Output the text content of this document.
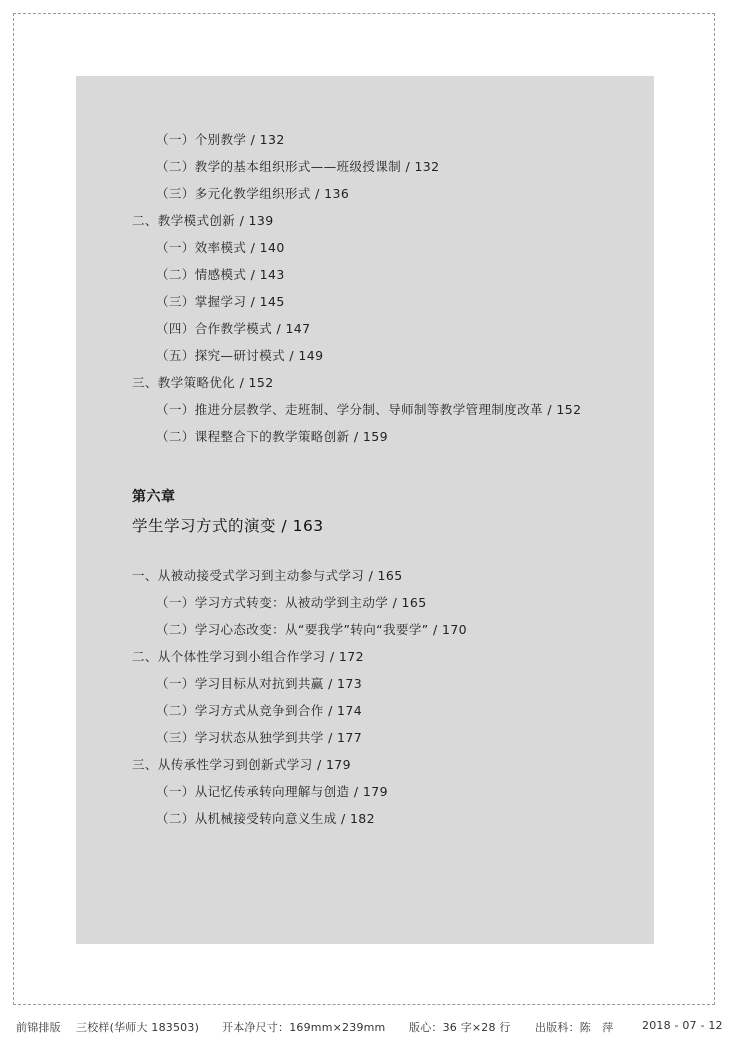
（一）个别教学 / 132
（二）教学的基本组织形式——班级授课制 / 132
（三）多元化教学组织形式 / 136
二、教学模式创新 / 139
（一）效率模式 / 140
（二）情感模式 / 143
（三）掌握学习 / 145
（四）合作教学模式 / 147
（五）探究—研讨模式 / 149
三、教学策略优化 / 152
（一）推进分层教学、走班制、学分制、导师制等教学管理制度改革 / 152
（二）课程整合下的教学策略创新 / 159
第六章
学生学习方式的演变 / 163
一、从被动接受式学习到主动参与式学习 / 165
（一）学习方式转变：从被动学到主动学 / 165
（二）学习心态改变：从“要我学”转向“我要学” / 170
二、从个体性学习到小组合作学习 / 172
（一）学习目标从对抗到共赢 / 173
（二）学习方式从竞争到合作 / 174
（三）学习状态从独学到共学 / 177
三、从传承性学习到创新式学习 / 179
（一）从记忆传承转向理解与创造 / 179
（二）从机械接受转向意义生成 / 182
前锦排版 三校样(华师大 183503) 开本净尺寸：169mm×239mm 版心：36 字×28 行 出版科：陈　萍	2018 - 07 - 12
